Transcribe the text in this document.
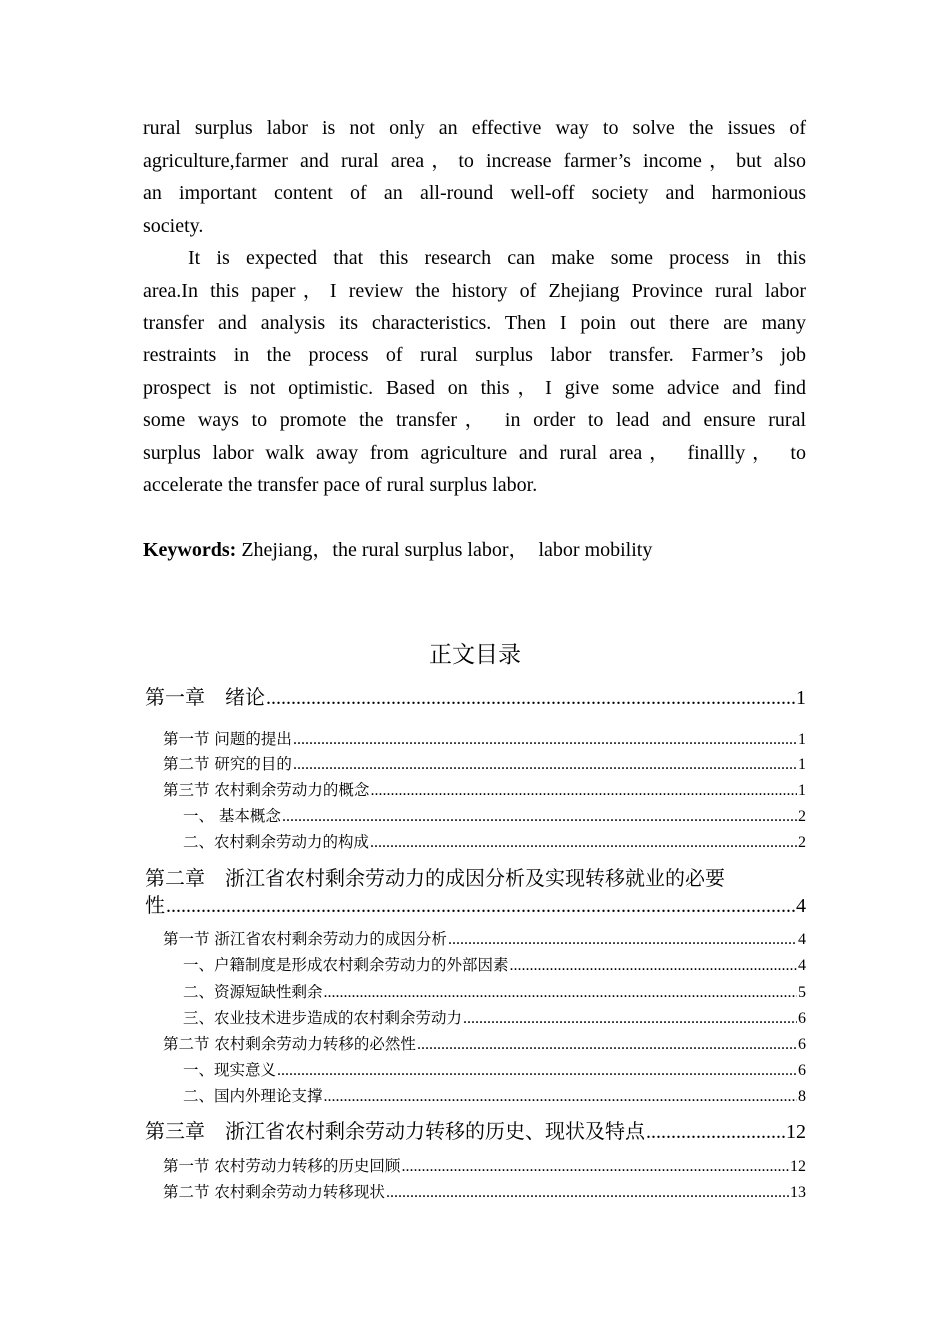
rural surplus labor is not only an effective way to solve the issues of
agriculture,farmer and rural area，to increase farmer’s income，but also
an important content of an all-round well-off society and harmonious
society.
It is expected that this research can make some process in this
area.In this paper，I review the history of Zhejiang Province rural labor
transfer and analysis its characteristics. Then I poin out there are many
restraints in the process of rural surplus labor transfer. Farmer’s job
prospect is not optimistic. Based on this，I give some advice and find
some ways to promote the transfer， in order to lead and ensure rural
surplus labor walk away from agriculture and rural area， finallly， to
accelerate the transfer pace of rural surplus labor.
Keywords: Zhejiang，the rural surplus labor，  labor mobility
正文目录
第一章　绪论 .....	1
第一节 问题的提出 .....	1
第二节 研究的目的 .....	1
第三节 农村剩余劳动力的概念 .....	1
一、 基本概念 .....	2
二、农村剩余劳动力的构成 .....	2
第二章　浙江省农村剩余劳动力的成因分析及实现转移就业的必要
性 .....	4
第一节 浙江省农村剩余劳动力的成因分析 .....	4
一、户籍制度是形成农村剩余劳动力的外部因素 .....	4
二、资源短缺性剩余 .....	5
三、农业技术进步造成的农村剩余劳动力 .....	6
第二节 农村剩余劳动力转移的必然性 .....	6
一、现实意义 .....	6
二、国内外理论支撑 .....	8
第三章　浙江省农村剩余劳动力转移的历史、现状及特点 .....	12
第一节 农村劳动力转移的历史回顾 .....	12
第二节 农村剩余劳动力转移现状 .....	13
